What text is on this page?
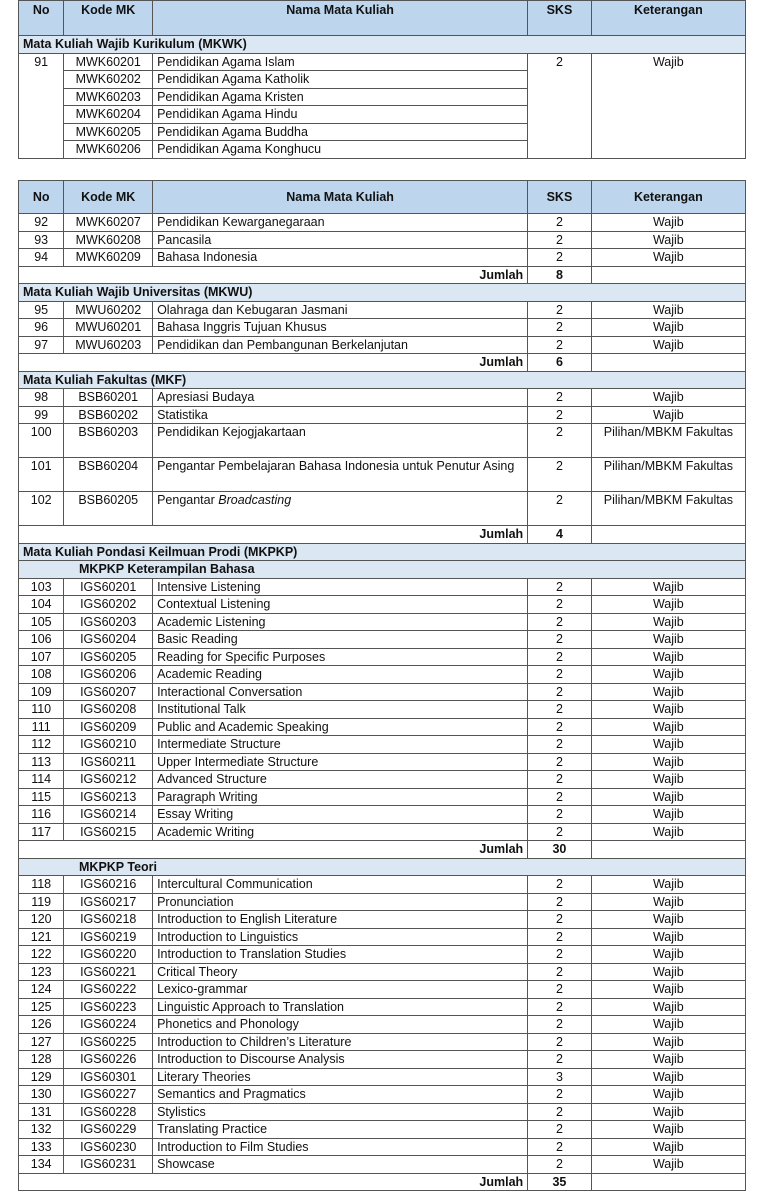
No	Kode MK	Nama Mata Kuliah	SKS	Keterangan
Mata Kuliah Wajib Kurikulum (MKWK)				
91	MWK60201	Pendidikan Agama Islam	2	Wajib
	MWK60202	Pendidikan Agama Katholik		
	MWK60203	Pendidikan Agama Kristen		
	MWK60204	Pendidikan Agama Hindu		
	MWK60205	Pendidikan Agama Buddha		
	MWK60206	Pendidikan Agama Konghucu		
No	Kode MK	Nama Mata Kuliah	SKS	Keterangan
92	MWK60207	Pendidikan Kewarganegaraan	2	Wajib
93	MWK60208	Pancasila	2	Wajib
94	MWK60209	Bahasa Indonesia	2	Wajib
Jumlah			8	
Mata Kuliah Wajib Universitas (MKWU)				
95	MWU60202	Olahraga dan Kebugaran Jasmani	2	Wajib
96	MWU60201	Bahasa Inggris Tujuan Khusus	2	Wajib
97	MWU60203	Pendidikan dan Pembangunan Berkelanjutan	2	Wajib
Jumlah			6	
Mata Kuliah Fakultas (MKF)				
98	BSB60201	Apresiasi Budaya	2	Wajib
99	BSB60202	Statistika	2	Wajib
100	BSB60203	Pendidikan Kejogjakartaan	2	Pilihan/MBKM Fakultas
101	BSB60204	Pengantar Pembelajaran Bahasa Indonesia untuk Penutur Asing	2	Pilihan/MBKM Fakultas
102	BSB60205	Pengantar Broadcasting	2	Pilihan/MBKM Fakultas
Jumlah			4	
Mata Kuliah Pondasi Keilmuan Prodi (MKPKP)				
MKPKP Keterampilan Bahasa				
103	IGS60201	Intensive Listening	2	Wajib
104	IGS60202	Contextual Listening	2	Wajib
105	IGS60203	Academic Listening	2	Wajib
106	IGS60204	Basic Reading	2	Wajib
107	IGS60205	Reading for Specific Purposes	2	Wajib
108	IGS60206	Academic Reading	2	Wajib
109	IGS60207	Interactional Conversation	2	Wajib
110	IGS60208	Institutional Talk	2	Wajib
111	IGS60209	Public and Academic Speaking	2	Wajib
112	IGS60210	Intermediate Structure	2	Wajib
113	IGS60211	Upper Intermediate Structure	2	Wajib
114	IGS60212	Advanced Structure	2	Wajib
115	IGS60213	Paragraph Writing	2	Wajib
116	IGS60214	Essay Writing	2	Wajib
117	IGS60215	Academic Writing	2	Wajib
Jumlah			30	
MKPKP Teori				
118	IGS60216	Intercultural Communication	2	Wajib
119	IGS60217	Pronunciation	2	Wajib
120	IGS60218	Introduction to English Literature	2	Wajib
121	IGS60219	Introduction to Linguistics	2	Wajib
122	IGS60220	Introduction to Translation Studies	2	Wajib
123	IGS60221	Critical Theory	2	Wajib
124	IGS60222	Lexico-grammar	2	Wajib
125	IGS60223	Linguistic Approach to Translation	2	Wajib
126	IGS60224	Phonetics and Phonology	2	Wajib
127	IGS60225	Introduction to Children’s Literature	2	Wajib
128	IGS60226	Introduction to Discourse Analysis	2	Wajib
129	IGS60301	Literary Theories	3	Wajib
130	IGS60227	Semantics and Pragmatics	2	Wajib
131	IGS60228	Stylistics	2	Wajib
132	IGS60229	Translating Practice	2	Wajib
133	IGS60230	Introduction to Film Studies	2	Wajib
134	IGS60231	Showcase	2	Wajib
Jumlah			35	
